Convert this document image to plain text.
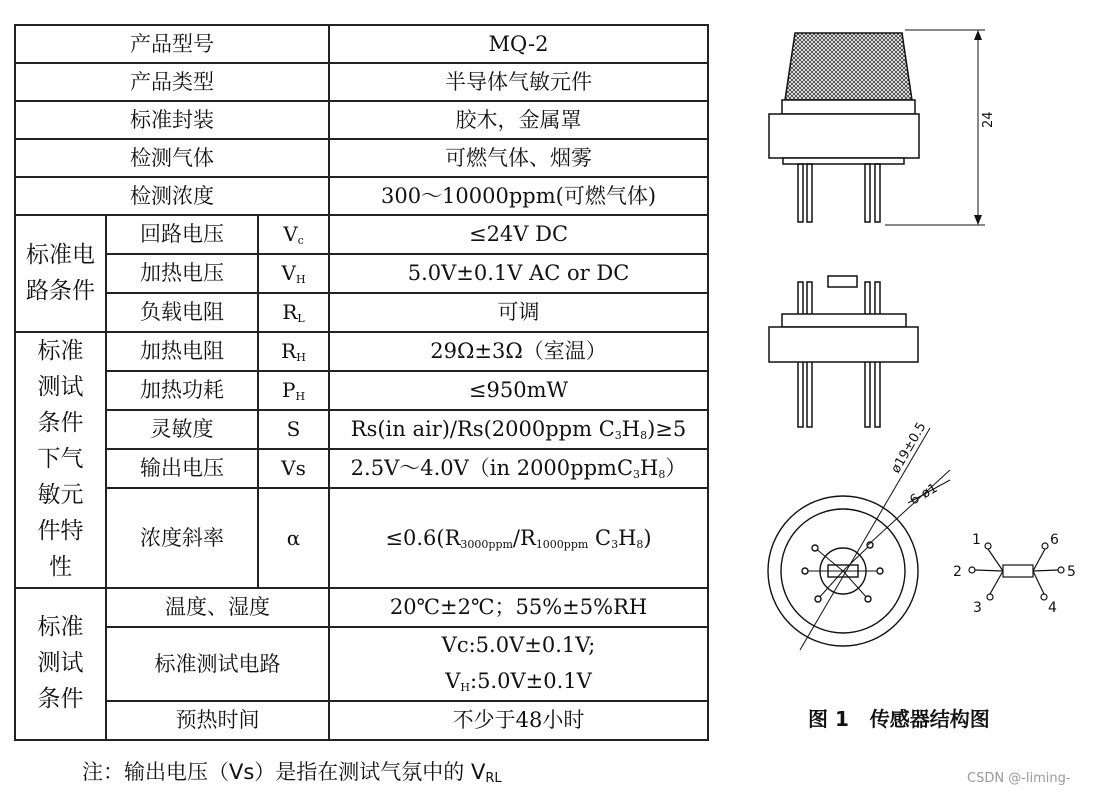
产品型号			MQ-2
产品类型			半导体气敏元件
标准封装			胶木，金属罩
检测气体			可燃气体、烟雾
检测浓度			300～10000ppm(可燃气体)
标准电路条件	回路电压	$V_c$	≤24V DC
	加热电压	$V_H$	5.0V±0.1V AC or DC
	负载电阻	$R_L$	可调

标准测试条件下气敏元件特性	加热电阻	$R_H$	29Ω±3Ω（室温）
	加热功耗	$P_H$	≤950mW
	灵敏度	S	Rs(in air)/Rs(2000ppm $C_3H_8)\ge 5$
	输出电压	Vs	2.5V～4.0V（in $2000ppmC_3H_8$）
	浓度斜率	α	$\le 0.6(R_{3000ppm}/R_{1000ppm}$ $C_3H_8$)

标准测试条件	温度、湿度		20℃±2℃；55%±5%RH
	标准测试电路		Vc:5.0V±0.1V;
$V_H:5.0V\pm 0.1V$

	预热时间		不少于48小时
注：输出电压（Vs）是指在测试气氛中的 $V_{RL}$
24
ø19±0.5
6-ø1
1
2
3	4
5
6
图 1 传感器结构图
CSDN @-liming-
